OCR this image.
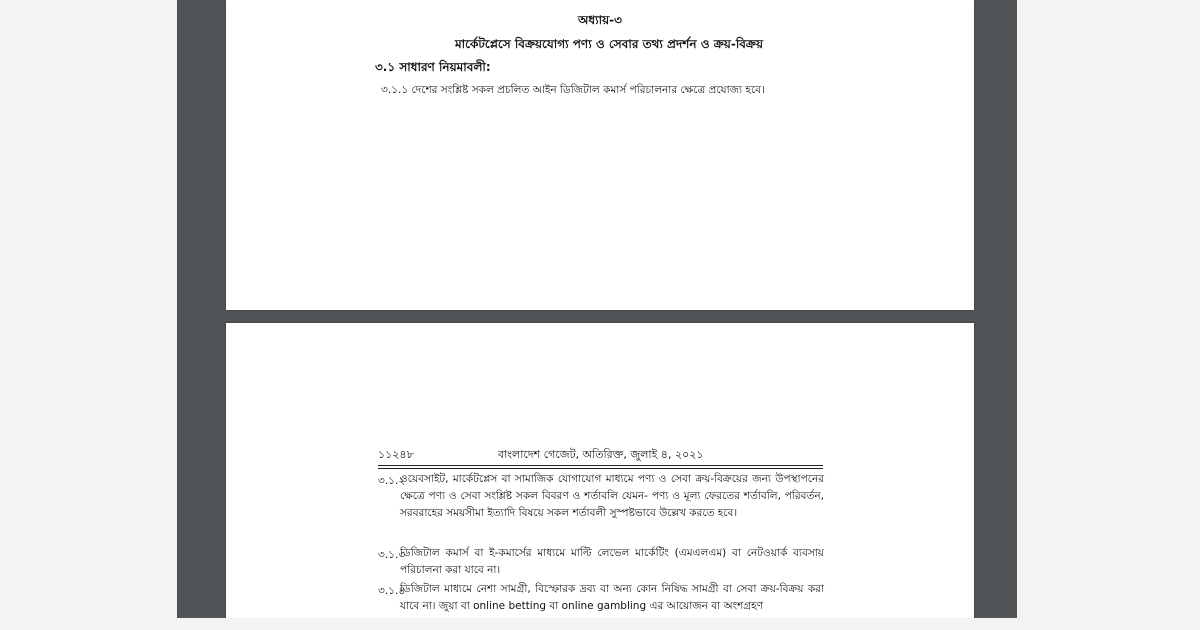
অধ্যায়-৩
মার্কেটপ্লেসে বিক্রয়যোগ্য পণ্য ও সেবার তথ্য প্রদর্শন ও ক্রয়-বিক্রয়
৩.১ সাধারণ নিয়মাবলী:
৩.১.১ দেশের সংশ্লিষ্ট সকল প্রচলিত আইন ডিজিটাল কমার্স পরিচালনার ক্ষেত্রে প্রযোজ্য হবে।
১১২৪৮	বাংলাদেশ গেজেট, অতিরিক্ত, জুলাই ৪, ২০২১
৩.১.২
ওয়েবসাইট, মার্কেটপ্লেস বা সামাজিক যোগাযোগ মাধ্যমে পণ্য ও সেবা ক্রয়-বিক্রয়ের জন্য উপস্থাপনের ক্ষেত্রে পণ্য ও সেবা সংশ্লিষ্ট সকল বিবরণ ও শর্তাবলি যেমন- পণ্য ও মূল্য ফেরতের শর্তাবলি, পরিবর্তন, সরবরাহের সময়সীমা ইত্যাদি বিষয়ে সকল শর্তাবলী সুস্পষ্টভাবে উল্লেখ করতে হবে।
৩.১.৩
ডিজিটাল কমার্স বা ই-কমার্সের মাধ্যমে মাল্টি লেভেল মার্কেটিং (এমএলএম) বা নেটওয়ার্ক ব্যবসায় পরিচালনা করা যাবে না।
৩.১.৪
ডিজিটাল মাধ্যমে নেশা সামগ্রী, বিস্ফোরক দ্রব্য বা অন্য কোন নিষিদ্ধ সামগ্রী বা সেবা ক্রয়-বিক্রয় করা যাবে না। জুয়া বা online betting বা online gambling এর আয়োজন বা অংশগ্রহণ
